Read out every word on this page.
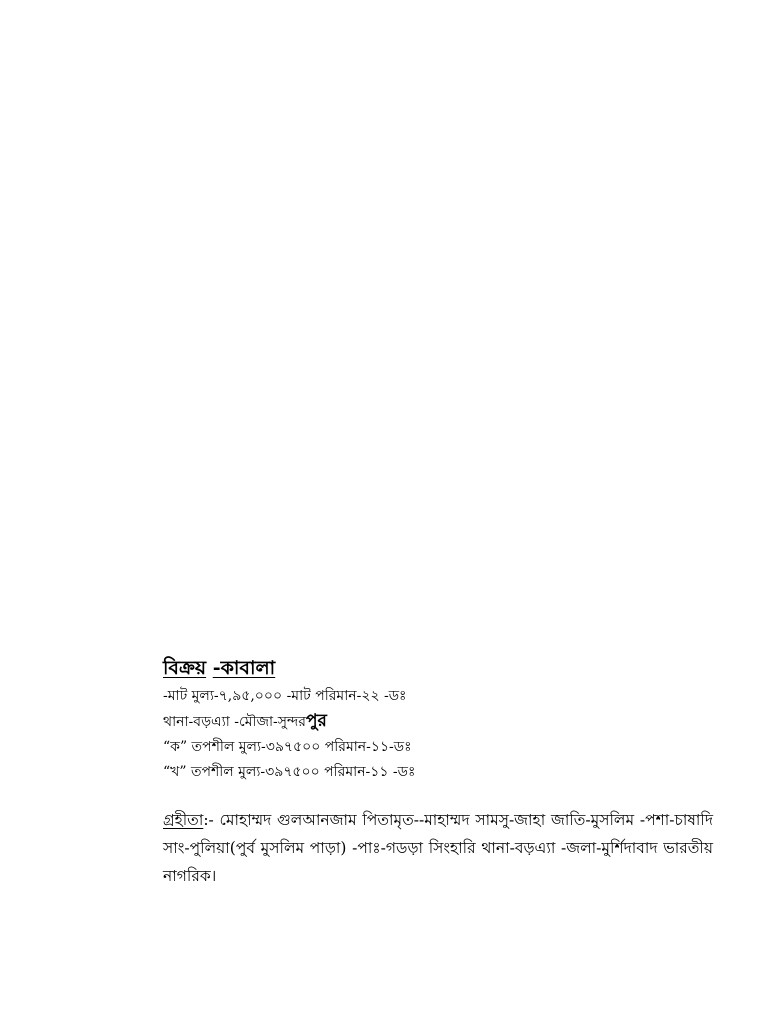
বিক্রয় -কাবালা
-মাট মুল্য-৭,৯৫,০০০ -মাট পরিমান-২২ -ডঃ
থানা-বড়এ্যা -মৌজা-সুন্দরপুর
“ক” তপশীল মুল্য-৩৯৭৫০০ পরিমান-১১-ডঃ
“খ” তপশীল মুল্য-৩৯৭৫০০ পরিমান-১১ -ডঃ
গ্রহীতা:- মোহাম্মদ গুলআনজাম পিতামৃত--মাহাম্মদ সামসু-জাহা জাতি-মুসলিম -পশা-চাষাদি সাং-পুলিয়া(পুর্ব মুসলিম পাড়া) -পাঃ-গডড়া সিংহারি থানা-বড়এ্যা -জলা-মুর্শিদাবাদ ভারতীয় নাগরিক।
